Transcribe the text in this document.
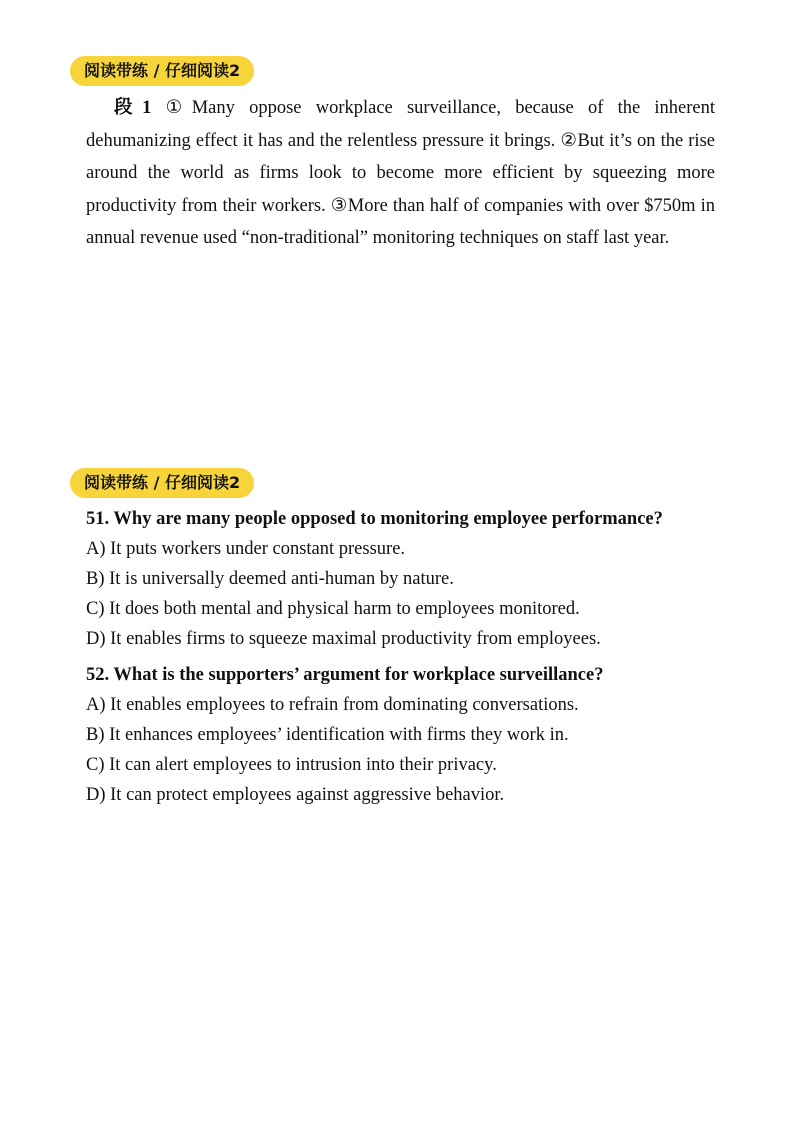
阅读带练 / 仔细阅读2
段1 ①Many oppose workplace surveillance, because of the inherent dehumanizing effect it has and the relentless pressure it brings. ②But it’s on the rise around the world as firms look to become more efficient by squeezing more productivity from their workers. ③More than half of companies with over $750m in annual revenue used “non-traditional” monitoring techniques on staff last year.
阅读带练 / 仔细阅读2
51. Why are many people opposed to monitoring employee performance?
A) It puts workers under constant pressure.
B) It is universally deemed anti-human by nature.
C) It does both mental and physical harm to employees monitored.
D) It enables firms to squeeze maximal productivity from employees.
52. What is the supporters’ argument for workplace surveillance?
A) It enables employees to refrain from dominating conversations.
B) It enhances employees’ identification with firms they work in.
C) It can alert employees to intrusion into their privacy.
D) It can protect employees against aggressive behavior.
